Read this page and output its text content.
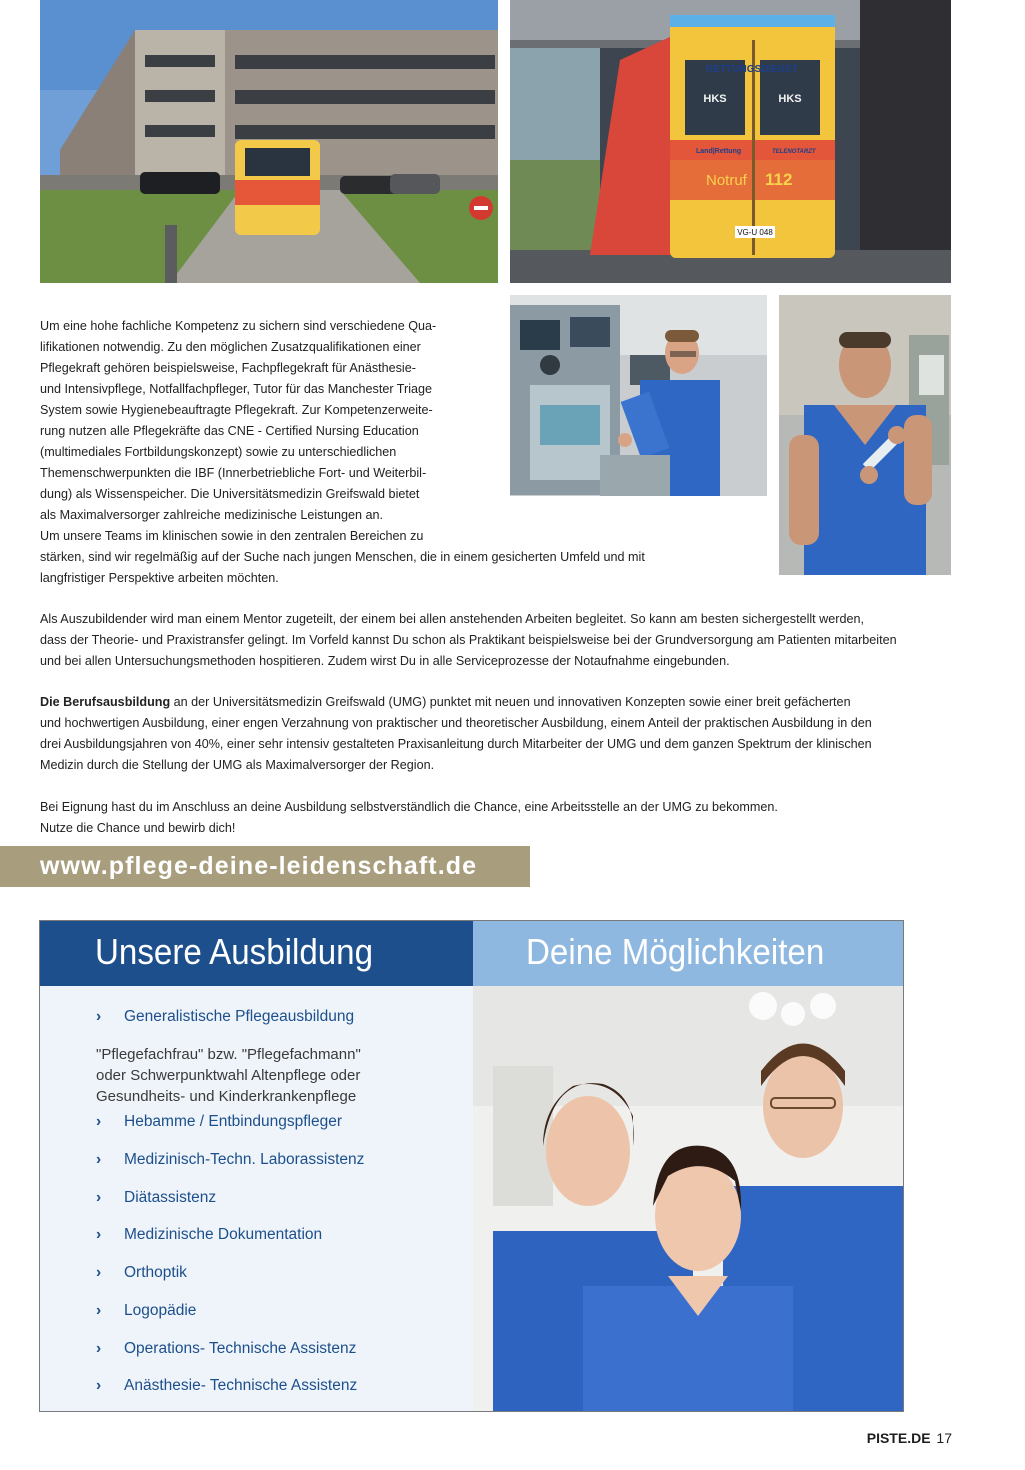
RETTUNGSDIENST
HKS	HKS
Land|Rettung	TELENOTARZT
Notruf 112
VG-U 048
Um eine hohe fachliche Kompetenz zu sichern sind verschiedene Qua-
lifikationen notwendig. Zu den möglichen Zusatzqualifikationen einer
Pflegekraft gehören beispielsweise, Fachpflegekraft für Anästhesie-
und Intensivpflege, Notfallfachpfleger, Tutor für das Manchester Triage
System sowie Hygienebeauftragte Pflegekraft. Zur Kompetenzerweite-
rung nutzen alle Pflegekräfte das CNE - Certified Nursing Education
(multimediales Fortbildungskonzept) sowie zu unterschiedlichen
Themenschwerpunkten die IBF (Innerbetriebliche Fort- und Weiterbil-
dung) als Wissenspeicher. Die Universitätsmedizin Greifswald bietet
als Maximalversorger zahlreiche medizinische Leistungen an.
Um unsere Teams im klinischen sowie in den zentralen Bereichen zu
stärken, sind wir regelmäßig auf der Suche nach jungen Menschen, die in einem gesicherten Umfeld und mit
langfristiger Perspektive arbeiten möchten.
Als Auszubildender wird man einem Mentor zugeteilt, der einem bei allen anstehenden Arbeiten begleitet. So kann am besten sichergestellt werden,
dass der Theorie- und Praxistransfer gelingt. Im Vorfeld kannst Du schon als Praktikant beispielsweise bei der Grundversorgung am Patienten mitarbeiten
und bei allen Untersuchungsmethoden hospitieren. Zudem wirst Du in alle Serviceprozesse der Notaufnahme eingebunden.
Die Berufsausbildung an der Universitätsmedizin Greifswald (UMG) punktet mit neuen und innovativen Konzepten sowie einer breit gefächerten
und hochwertigen Ausbildung, einer engen Verzahnung von praktischer und theoretischer Ausbildung, einem Anteil der praktischen Ausbildung in den
drei Ausbildungsjahren von 40%, einer sehr intensiv gestalteten Praxisanleitung durch Mitarbeiter der UMG und dem ganzen Spektrum der klinischen
Medizin durch die Stellung der UMG als Maximalversorger der Region.
Bei Eignung hast du im Anschluss an deine Ausbildung selbstverständlich die Chance, eine Arbeitsstelle an der UMG zu bekommen.
Nutze die Chance und bewirb dich!
www.pflege-deine-leidenschaft.de
Unsere Ausbildung	Deine Möglichkeiten
› Generalistische Pflegeausbildung
"Pflegefachfrau" bzw. "Pflegefachmann"
oder Schwerpunktwahl Altenpflege oder
Gesundheits- und Kinderkrankenpflege
› Hebamme / Entbindungspfleger
› Medizinisch-Techn. Laborassistenz
› Diätassistenz
› Medizinische Dokumentation
› Orthoptik
› Logopädie
› Operations- Technische Assistenz
› Anästhesie- Technische Assistenz
PISTE.DE 17
